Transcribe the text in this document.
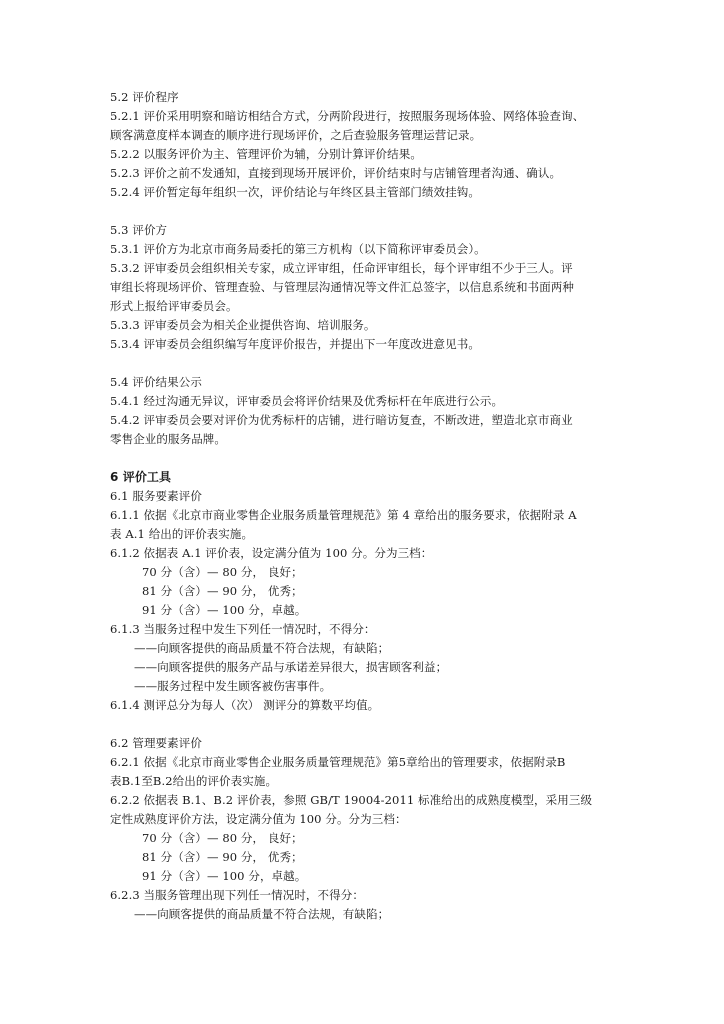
5.2 评价程序
5.2.1 评价采用明察和暗访相结合方式，分两阶段进行，按照服务现场体验、网络体验查询、
顾客满意度样本调查的顺序进行现场评价，之后查验服务管理运营记录。
5.2.2 以服务评价为主、管理评价为辅，分别计算评价结果。
5.2.3 评价之前不发通知，直接到现场开展评价，评价结束时与店铺管理者沟通、确认。
5.2.4 评价暂定每年组织一次，评价结论与年终区县主管部门绩效挂钩。
5.3 评价方
5.3.1 评价方为北京市商务局委托的第三方机构（以下简称评审委员会）。
5.3.2 评审委员会组织相关专家，成立评审组，任命评审组长，每个评审组不少于三人。评
审组长将现场评价、管理查验、与管理层沟通情况等文件汇总签字，以信息系统和书面两种
形式上报给评审委员会。
5.3.3 评审委员会为相关企业提供咨询、培训服务。
5.3.4 评审委员会组织编写年度评价报告，并提出下一年度改进意见书。
5.4 评价结果公示
5.4.1 经过沟通无异议，评审委员会将评价结果及优秀标杆在年底进行公示。
5.4.2 评审委员会要对评价为优秀标杆的店铺，进行暗访复查，不断改进，塑造北京市商业
零售企业的服务品牌。
6 评价工具
6.1 服务要素评价
6.1.1 依据《北京市商业零售企业服务质量管理规范》第 4 章给出的服务要求，依据附录 A
表 A.1 给出的评价表实施。
6.1.2 依据表 A.1 评价表，设定满分值为 100 分。分为三档：
70 分（含）— 80 分， 良好；
81 分（含）— 90 分， 优秀；
91 分（含）— 100 分，卓越。
6.1.3 当服务过程中发生下列任一情况时，不得分：
——向顾客提供的商品质量不符合法规，有缺陷；
——向顾客提供的服务产品与承诺差异很大，损害顾客利益；
——服务过程中发生顾客被伤害事件。
6.1.4 测评总分为每人（次） 测评分的算数平均值。
6.2 管理要素评价
6.2.1 依据《北京市商业零售企业服务质量管理规范》第5章给出的管理要求，依据附录B
表B.1至B.2给出的评价表实施。
6.2.2 依据表 B.1、B.2 评价表，参照 GB/T 19004-2011 标准给出的成熟度模型，采用三级
定性成熟度评价方法，设定满分值为 100 分。分为三档：
70 分（含）— 80 分， 良好；
81 分（含）— 90 分， 优秀；
91 分（含）— 100 分，卓越。
6.2.3 当服务管理出现下列任一情况时，不得分：
——向顾客提供的商品质量不符合法规，有缺陷；
